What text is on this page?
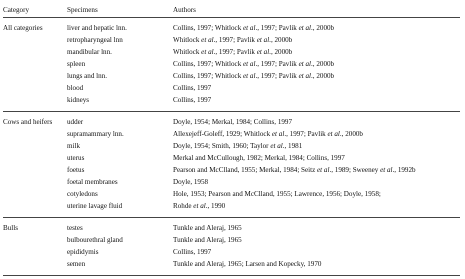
Category	Specimens	Authors
All categories	liver and hepatic lnn.	Collins, 1997; Whitlock et al., 1997; Pavlik et al., 2000b
	retropharyngeal lnn	Whitlock et al., 1997; Pavlik et al., 2000b
	mandibular lnn.	Whitlock et al., 1997; Pavlik et al., 2000b
	spleen	Collins, 1997; Whitlock et al., 1997; Pavlik et al., 2000b
	lungs and lnn.	Collins, 1997; Whitlock et al., 1997; Pavlik et al., 2000b
	blood	Collins, 1997
	kidneys	Collins, 1997
Cows and heifers	udder	Doyle, 1954; Merkal, 1984; Collins, 1997
	supramammary lnn.	Allexejeff-Goleff, 1929; Whitlock et al., 1997; Pavlik et al., 2000b
	milk	Doyle, 1954; Smith, 1960; Taylor et al., 1981
	uterus	Merkal and McCullough, 1982; Merkal, 1984; Collins, 1997
	foetus	Pearson and McClland, 1955; Merkal, 1984; Seitz et al., 1989; Sweeney et al., 1992b
	foetal membranes	Doyle, 1958
	cotyledons	Hole, 1953; Pearson and McClland, 1955; Lawrence, 1956; Doyle, 1958;
	uterine lavage fluid	Rohde et al., 1990
Bulls	testes	Tunkle and Aleraj, 1965
	bulbourethral gland	Tunkle and Aleraj, 1965
	epididymis	Collins, 1997
	semen	Tunkle and Aleraj, 1965; Larsen and Kopecky, 1970
